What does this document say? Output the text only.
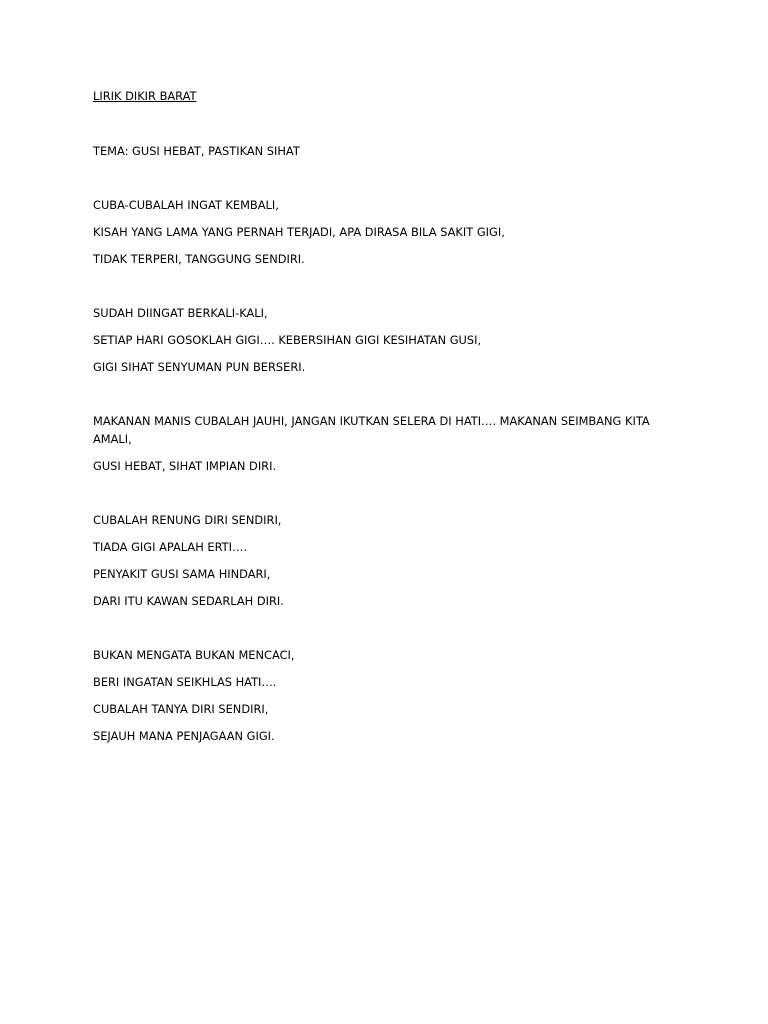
LIRIK DIKIR BARAT

TEMA: GUSI HEBAT, PASTIKAN SIHAT

CUBA-CUBALAH INGAT KEMBALI,

KISAH YANG LAMA YANG PERNAH TERJADI, APA DIRASA BILA SAKIT GIGI,

TIDAK TERPERI, TANGGUNG SENDIRI.

SUDAH DIINGAT BERKALI-KALI,

SETIAP HARI GOSOKLAH GIGI…. KEBERSIHAN GIGI KESIHATAN GUSI,

GIGI SIHAT SENYUMAN PUN BERSERI.

MAKANAN MANIS CUBALAH JAUHI, JANGAN IKUTKAN SELERA DI HATI…. MAKANAN SEIMBANG KITA AMALI,

GUSI HEBAT, SIHAT IMPIAN DIRI.

CUBALAH RENUNG DIRI SENDIRI,

TIADA GIGI APALAH ERTI….

PENYAKIT GUSI SAMA HINDARI,

DARI ITU KAWAN SEDARLAH DIRI.

BUKAN MENGATA BUKAN MENCACI,

BERI INGATAN SEIKHLAS HATI….

CUBALAH TANYA DIRI SENDIRI,

SEJAUH MANA PENJAGAAN GIGI.
